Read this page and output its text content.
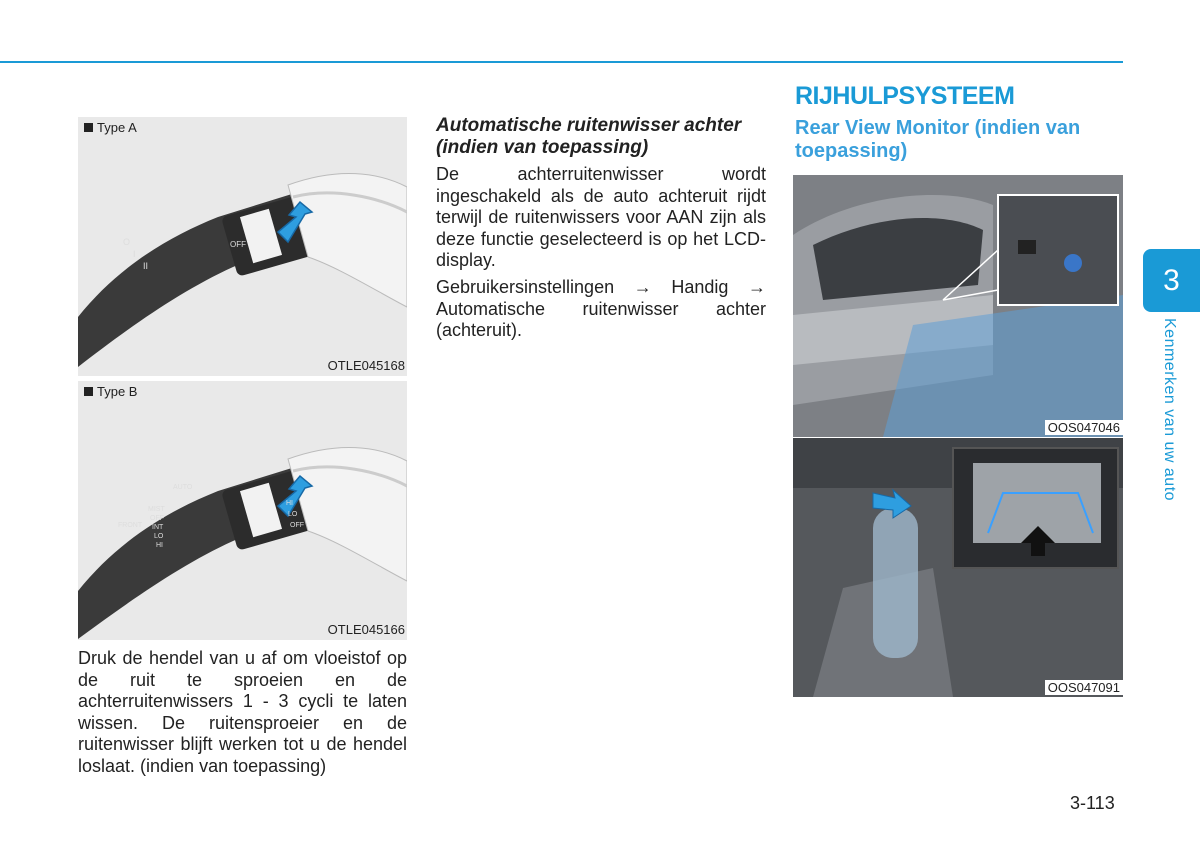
O
I
II
OFF
Type A
OTLE045168
MIST
OFF
INT
LO
HI
AUTO
FRONT
HI
LO
OFF
Type B
OTLE045166
Druk de hendel van u af om vloeistof op de ruit te sproeien en de achterruitenwissers 1 - 3 cycli te laten wissen. De ruitensproeier en de ruitenwisser blijft werken tot u de hendel loslaat. (indien van toepassing)
Automatische ruitenwisser achter (indien van toepassing)
De achterruitenwisser wordt ingeschakeld als de auto achteruit rijdt terwijl de ruitenwissers voor AAN zijn als deze functie geselecteerd is op het LCD-display.
Gebruikersinstellingen → Handig → Automatische ruitenwisser achter (achteruit).
RIJHULPSYSTEEM
Rear View Monitor (indien van toepassing)
OOS047046
OOS047091
3
Kenmerken van uw auto
3-113
